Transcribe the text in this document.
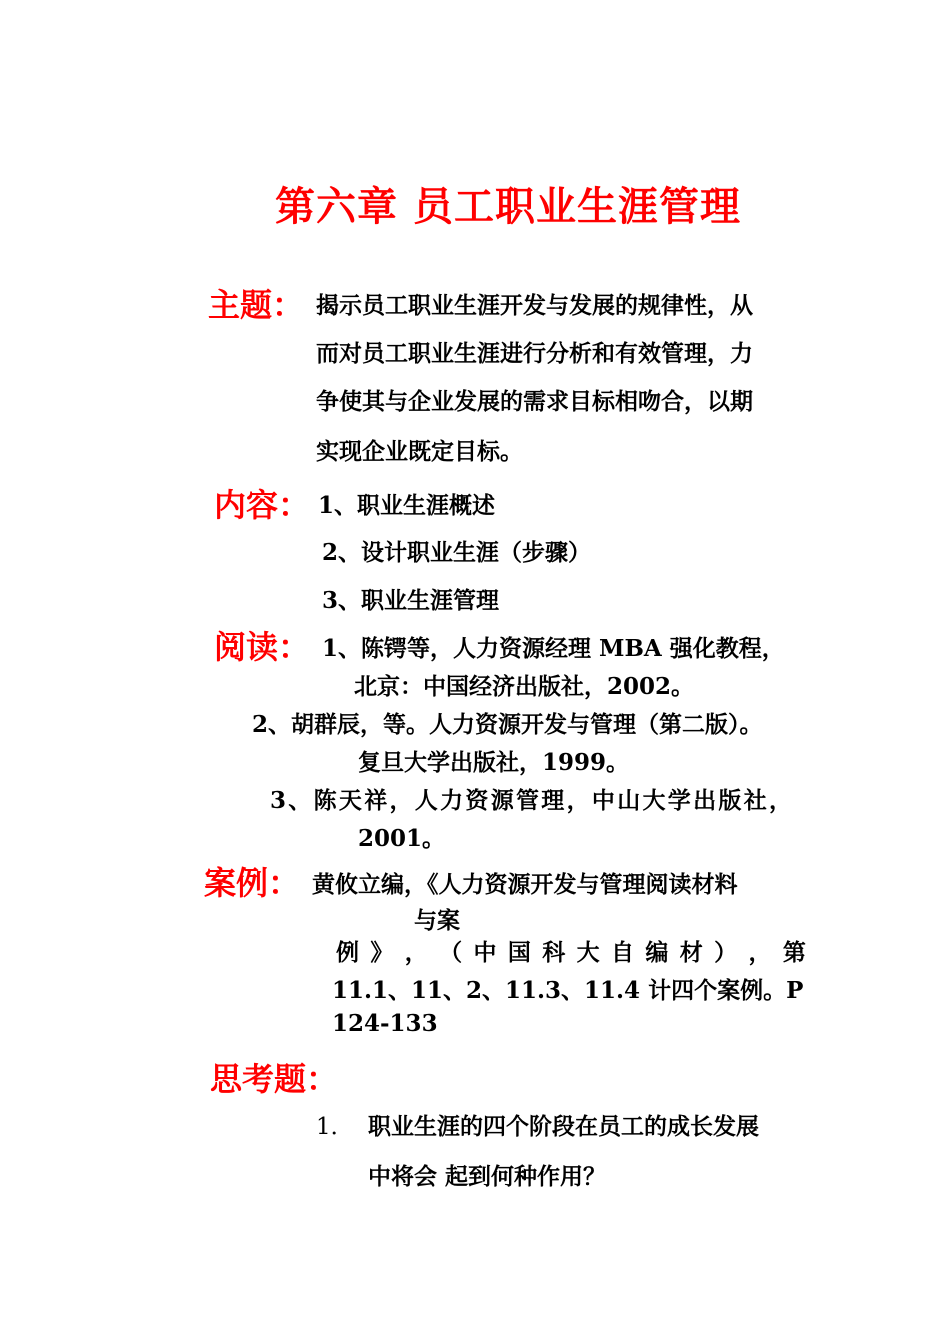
第六章 员工职业生涯管理
主题： 揭示员工职业生涯开发与发展的规律性，从
而对员工职业生涯进行分析和有效管理，力
争使其与企业发展的需求目标相吻合，以期
实现企业既定目标。
内容： 1、职业生涯概述
2、设计职业生涯（步骤）
3、职业生涯管理
阅读： 1、陈锷等，人力资源经理 MBA 强化教程，
北京：中国经济出版社，2002。
2、胡群辰，等。人力资源开发与管理（第二版）。
复旦大学出版社，1999。
3、陈天祥，人力资源管理，中山大学出版社，
2001。
案例： 黄攸立编，《人力资源开发与管理阅读材料
与案
例 》 ， （ 中 国 科 大 自 编 材 ） ， 第
11.1、11、2、11.3、11.4 计四个案例。P
124-133
思考题：
1． 职业生涯的四个阶段在员工的成长发展
中将会 起到何种作用？
